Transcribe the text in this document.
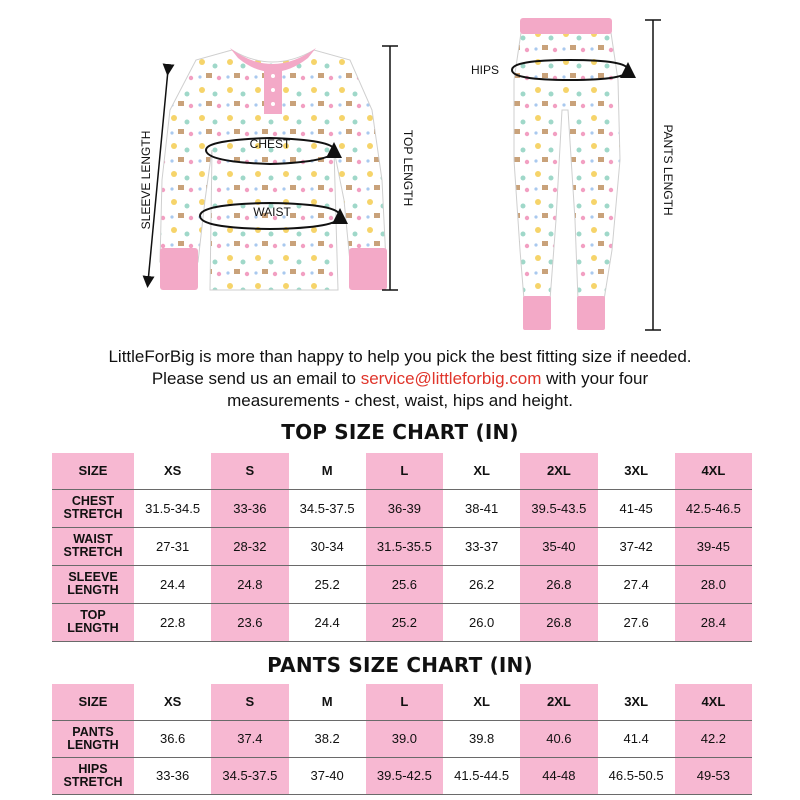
SLEEVE LENGTH	CHEST
WAIST
TOP LENGTH
HIPS
PANTS LENGTH
LittleForBig is more than happy to help you pick the best fitting size if needed.
Please send us an email to service@littleforbig.com with your four
measurements - chest, waist, hips and height.
TOP SIZE CHART (IN)
SIZE	XS	S	M	L	XL	2XL	3XL	4XL

CHEST
STRETCH	31.5-34.5	33-36	34.5-37.5	36-39	38-41	39.5-43.5	41-45	42.5-46.5

WAIST
STRETCH	27-31	28-32	30-34	31.5-35.5	33-37	35-40	37-42	39-45

SLEEVE
LENGTH	24.4	24.8	25.2	25.6	26.2	26.8	27.4	28.0

TOP
LENGTH	22.8	23.6	24.4	25.2	26.0	26.8	27.6	28.4
PANTS SIZE CHART (IN)
SIZE	XS	S	M	L	XL	2XL	3XL	4XL

PANTS
LENGTH	36.6	37.4	38.2	39.0	39.8	40.6	41.4	42.2

HIPS
STRETCH	33-36	34.5-37.5	37-40	39.5-42.5	41.5-44.5	44-48	46.5-50.5	49-53
